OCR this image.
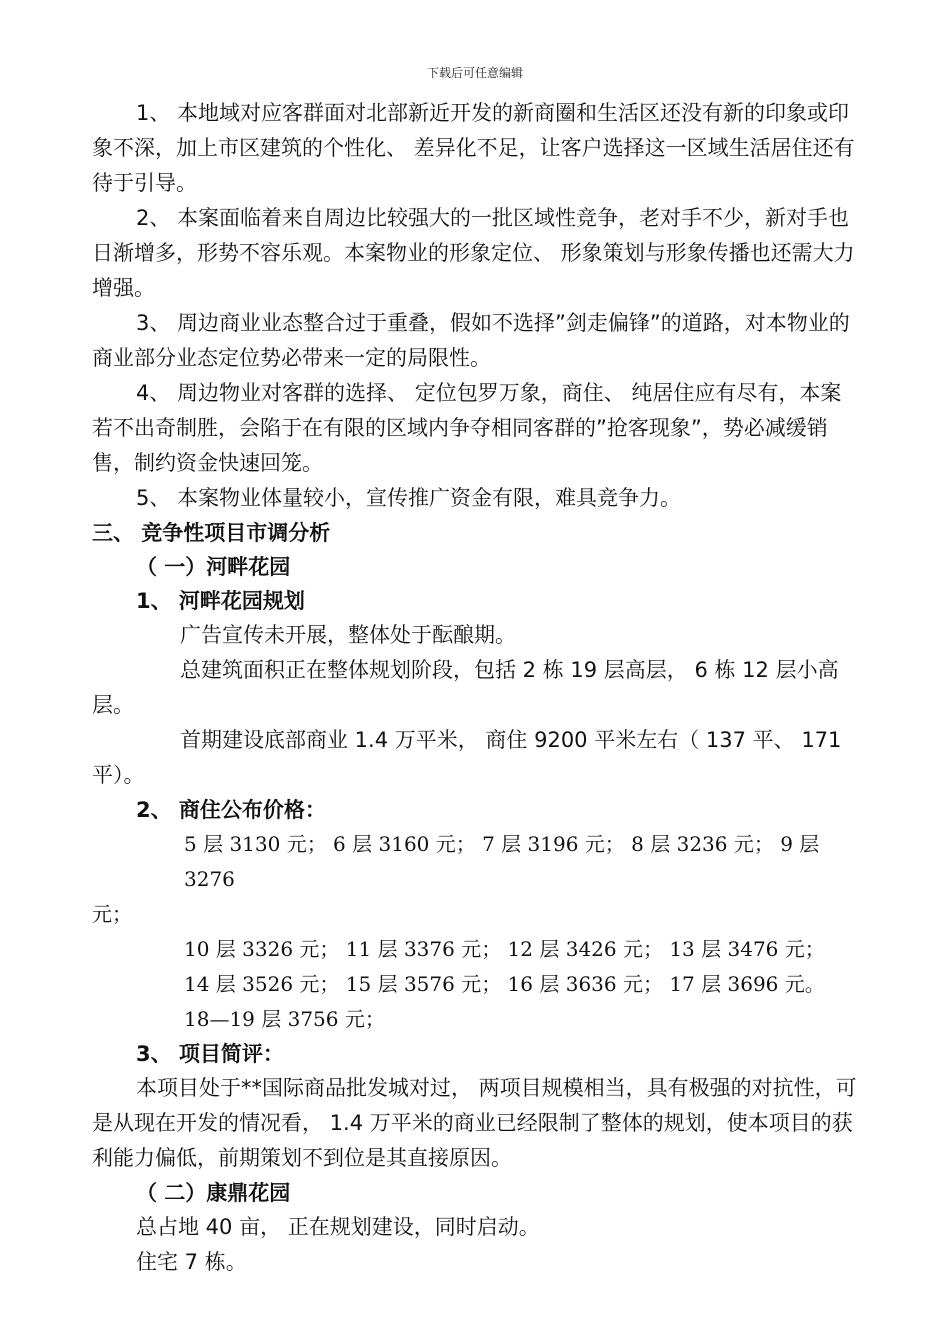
下载后可任意编辑

1、 本地域对应客群面对北部新近开发的新商圈和生活区还没有新的印象或印象不深，加上市区建筑的个性化、 差异化不足，让客户选择这一区域生活居住还有待于引导。

2、 本案面临着来自周边比较强大的一批区域性竞争，老对手不少，新对手也日渐增多，形势不容乐观。本案物业的形象定位、 形象策划与形象传播也还需大力增强。

3、 周边商业业态整合过于重叠，假如不选择”剑走偏锋”的道路，对本物业的商业部分业态定位势必带来一定的局限性。

4、 周边物业对客群的选择、 定位包罗万象，商住、 纯居住应有尽有，本案若不出奇制胜，会陷于在有限的区域内争夺相同客群的”抢客现象”，势必减缓销售，制约资金快速回笼。

5、 本案物业体量较小，宣传推广资金有限，难具竞争力。

三、 竞争性项目市调分析

（ 一）河畔花园

1、 河畔花园规划

广告宣传未开展，整体处于酝酿期。

总建筑面积正在整体规划阶段，包括 2 栋 19 层高层， 6 栋 12 层小高层。

首期建设底部商业 1.4 万平米， 商住 9200 平米左右（ 137 平、 171 平）。

2、 商住公布价格：

5 层 3130 元； 6 层 3160 元； 7 层 3196 元； 8 层 3236 元； 9 层 3276

元；

10 层 3326 元； 11 层 3376 元； 12 层 3426 元； 13 层 3476 元；

14 层 3526 元； 15 层 3576 元； 16 层 3636 元； 17 层 3696 元。

18—19 层 3756 元；

3、 项目简评：

本项目处于**国际商品批发城对过， 两项目规模相当，具有极强的对抗性，可是从现在开发的情况看， 1.4 万平米的商业已经限制了整体的规划，使本项目的获利能力偏低，前期策划不到位是其直接原因。

（ 二）康鼎花园

总占地 40 亩， 正在规划建设，同时启动。

住宅 7 栋。
